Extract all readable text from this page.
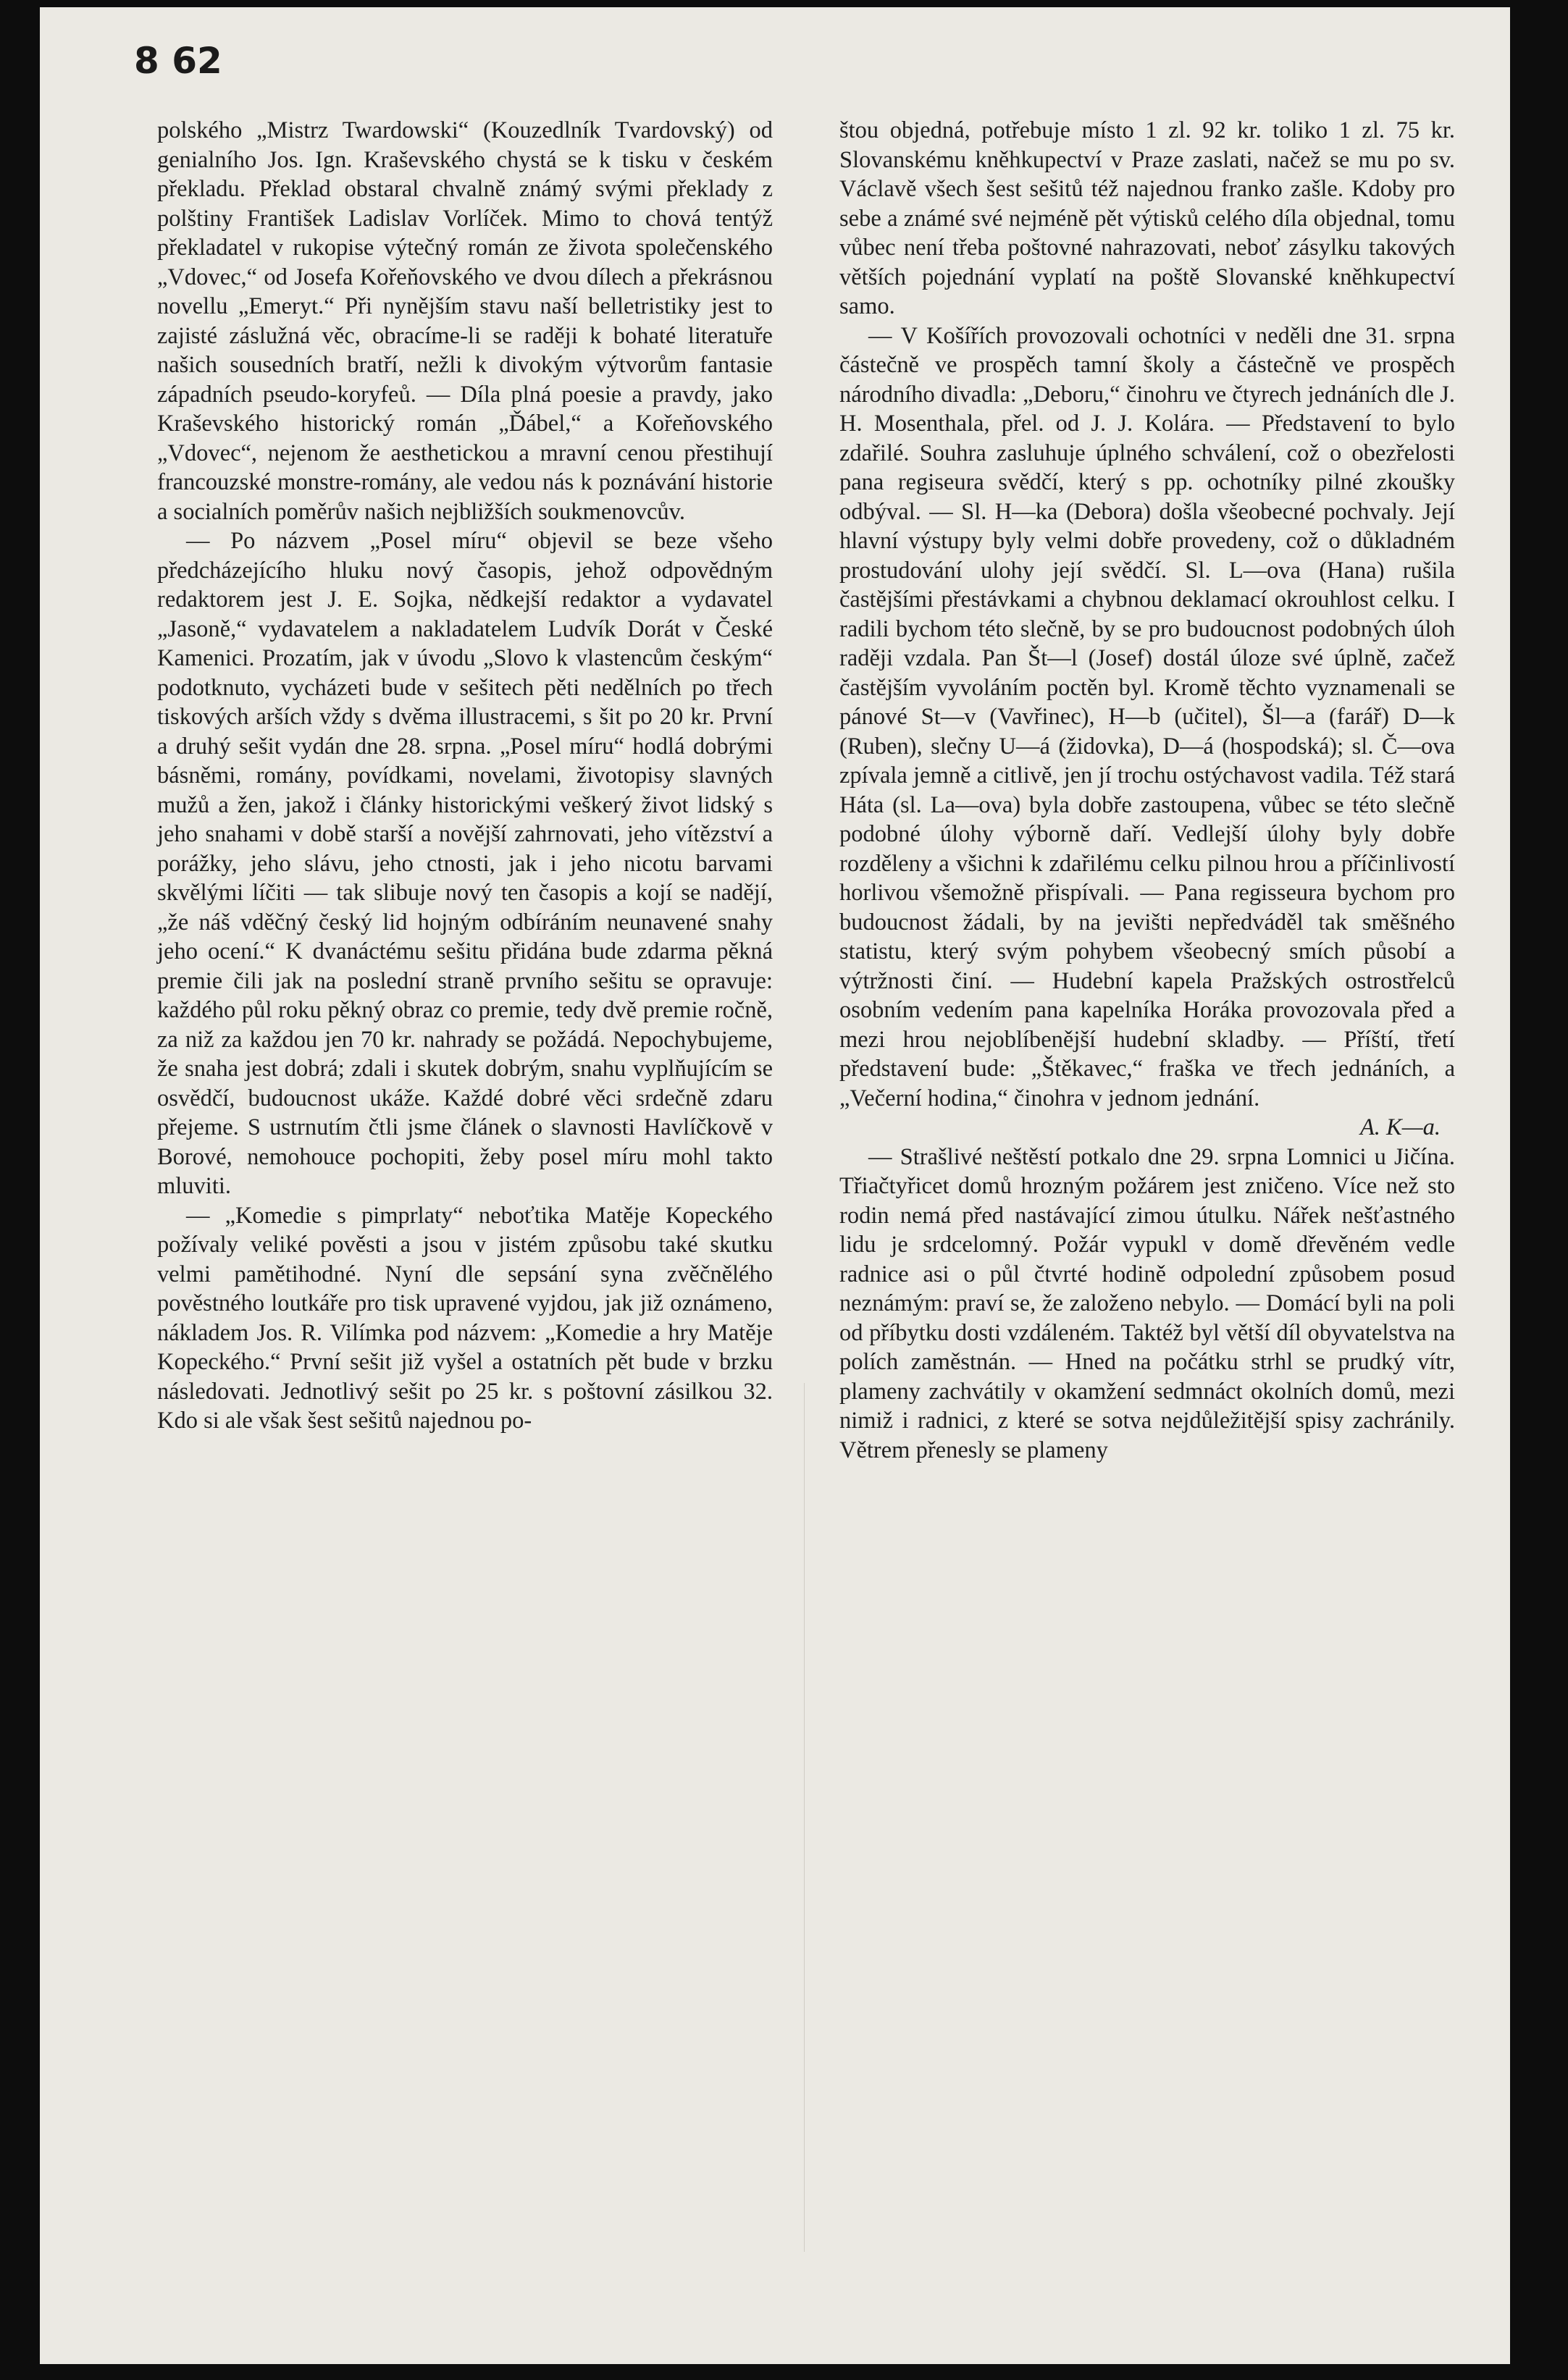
8 62

polského „Mistrz Twardowski“ (Kouzedlník Tvardovský) od genialního Jos. Ign. Kraševského chystá se k tisku v českém překladu. Překlad obstaral chvalně známý svými překlady z polštiny František Ladislav Vorlíček. Mimo to chová tentýž překladatel v rukopise výtečný román ze života společenského „Vdovec,“ od Josefa Kořeňovského ve dvou dílech a překrásnou novellu „Emeryt.“ Při nynějším stavu naší belletristiky jest to zajisté záslužná věc, obracíme-li se raději k bohaté literatuře našich sousedních bratří, nežli k divokým výtvorům fantasie západních pseudo-koryfeů. — Díla plná poesie a pravdy, jako Kraševského historický román „Ďábel,“ a Kořeňovského „Vdovec“, nejenom že aesthetickou a mravní cenou přestihují francouzské monstre-romány, ale vedou nás k poznávání historie a socialních poměrův našich nejbližších soukmenovcův.

— Po názvem „Posel míru“ objevil se beze všeho předcházejícího hluku nový časopis, jehož odpovědným redaktorem jest J. E. Sojka, nědkejší redaktor a vydavatel „Jasoně,“ vydavatelem a nakladatelem Ludvík Dorát v České Kamenici. Prozatím, jak v úvodu „Slovo k vlastencům českým“ podotknuto, vycházeti bude v sešitech pěti nedělních po třech tiskových arších vždy s dvěma illustracemi, s šit po 20 kr. První a druhý sešit vydán dne 28. srpna. „Posel míru“ hodlá dobrými básněmi, romány, povídkami, novelami, životopisy slavných mužů a žen, jakož i články historickými veškerý život lidský s jeho snahami v době starší a novější zahrnovati, jeho vítězství a porážky, jeho slávu, jeho ctnosti, jak i jeho nicotu barvami skvělými líčiti — tak slibuje nový ten časopis a kojí se nadějí, „že náš vděčný český lid hojným odbíráním neunavené snahy jeho ocení.“ K dvanáctému sešitu přidána bude zdarma pěkná premie čili jak na poslední straně prvního sešitu se opravuje: každého půl roku pěkný obraz co premie, tedy dvě premie ročně, za niž za každou jen 70 kr. nahrady se požádá. Nepochybujeme, že snaha jest dobrá; zdali i skutek dobrým, snahu vyplňujícím se osvědčí, budoucnost ukáže. Každé dobré věci srdečně zdaru přejeme. S ustrnutím čtli jsme článek o slavnosti Havlíčkově v Borové, nemohouce pochopiti, žeby posel míru mohl takto mluviti.

— „Komedie s pimprlaty“ neboťtika Matěje Kopeckého požívaly veliké pověsti a jsou v jistém způsobu také skutku velmi pamětihodné. Nyní dle sepsání syna zvěčnělého pověstného loutkáře pro tisk upravené vyjdou, jak již oznámeno, nákladem Jos. R. Vilímka pod názvem: „Komedie a hry Matěje Kopeckého.“ První sešit již vyšel a ostatních pět bude v brzku následovati. Jednotlivý sešit po 25 kr. s poštovní zásilkou 32. Kdo si ale však šest sešitů najednou po-

štou objedná, potřebuje místo 1 zl. 92 kr. toliko 1 zl. 75 kr. Slovanskému kněhkupectví v Praze zaslati, načež se mu po sv. Václavě všech šest sešitů též najednou franko zašle. Kdoby pro sebe a známé své nejméně pět výtisků celého díla objednal, tomu vůbec není třeba poštovné nahrazovati, neboť zásylku takových větších pojednání vyplatí na poště Slovanské kněhkupectví samo.

— V Košířích provozovali ochotníci v neděli dne 31. srpna částečně ve prospěch tamní školy a částečně ve prospěch národního divadla: „Deboru,“ činohru ve čtyrech jednáních dle J. H. Mosenthala, přel. od J. J. Kolára. — Představení to bylo zdařilé. Souhra zasluhuje úplného schválení, což o obezřelosti pana regiseura svědčí, který s pp. ochotníky pilné zkoušky odbýval. — Sl. H—ka (Debora) došla všeobecné pochvaly. Její hlavní výstupy byly velmi dobře provedeny, což o důkladném prostudování ulohy její svědčí. Sl. L—ova (Hana) rušila častějšími přestávkami a chybnou deklamací okrouhlost celku. I radili bychom této slečně, by se pro budoucnost podobných úloh raději vzdala. Pan Št—l (Josef) dostál úloze své úplně, začež častějším vyvoláním poctěn byl. Kromě těchto vyznamenali se pánové St—v (Vavřinec), H—b (učitel), Šl—a (farář) D—k (Ruben), slečny U—á (židovka), D—á (hospodská); sl. Č—ova zpívala jemně a citlivě, jen jí trochu ostýchavost vadila. Též stará Háta (sl. La—ova) byla dobře zastoupena, vůbec se této slečně podobné úlohy výborně daří. Vedlejší úlohy byly dobře rozděleny a všichni k zdařilému celku pilnou hrou a příčinlivostí horlivou všemožně přispívali. — Pana regisseura bychom pro budoucnost žádali, by na jevišti nepředváděl tak směšného statistu, který svým pohybem všeobecný smích působí a výtržnosti činí. — Hudební kapela Pražských ostrostřelců osobním vedením pana kapelníka Horáka provozovala před a mezi hrou nejoblíbenější hudební skladby. — Příští, třetí představení bude: „Štěkavec,“ fraška ve třech jednáních, a „Večerní hodina,“ činohra v jednom jednání.

A. K—a.

— Strašlivé neštěstí potkalo dne 29. srpna Lomnici u Jičína. Třiačtyřicet domů hrozným požárem jest zničeno. Více než sto rodin nemá před nastávající zimou útulku. Nářek nešťastného lidu je srdcelomný. Požár vypukl v domě dřevěném vedle radnice asi o půl čtvrté hodině odpolední způsobem posud neznámým: praví se, že založeno nebylo. — Domácí byli na poli od příbytku dosti vzdáleném. Taktéž byl větší díl obyvatelstva na polích zaměstnán. — Hned na počátku strhl se prudký vítr, plameny zachvátily v okamžení sedmnáct okolních domů, mezi nimiž i radnici, z které se sotva nejdůležitější spisy zachránily. Větrem přenesly se plameny
